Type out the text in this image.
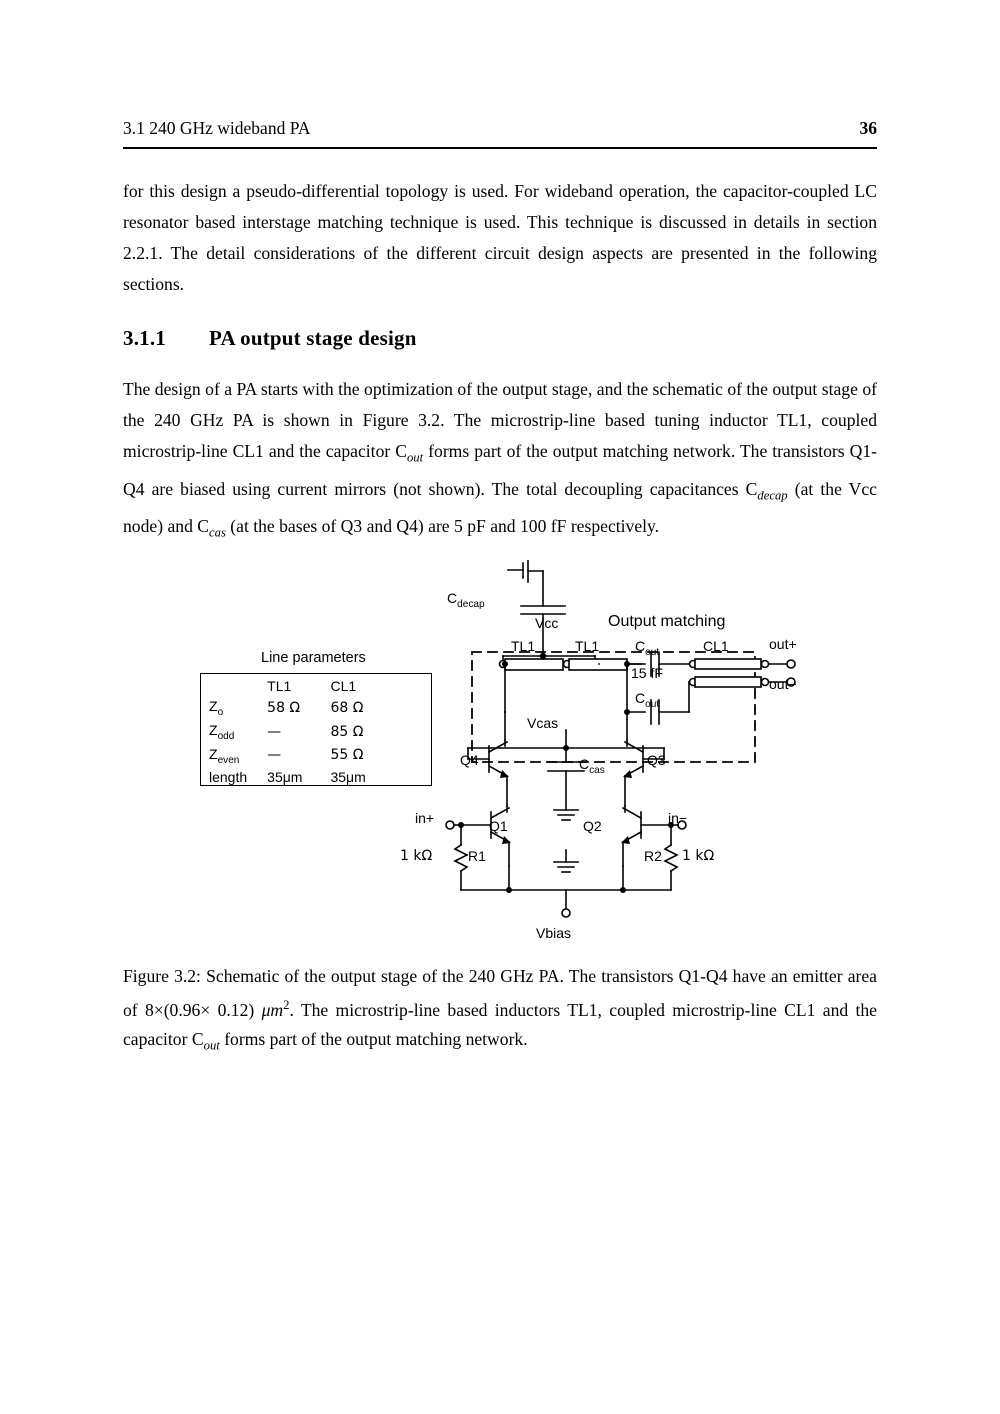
3.1 240 GHz wideband PA	36
for this design a pseudo-differential topology is used. For wideband operation, the capacitor-coupled LC resonator based interstage matching technique is used. This technique is discussed in details in section 2.2.1. The detail considerations of the different circuit design aspects are presented in the following sections.
3.1.1 PA output stage design
The design of a PA starts with the optimization of the output stage, and the schematic of the output stage of the 240 GHz PA is shown in Figure 3.2. The microstrip-line based tuning inductor TL1, coupled microstrip-line CL1 and the capacitor $C_{out}$ forms part of the output matching network. The transistors Q1-Q4 are biased using current mirrors (not shown). The total decoupling capacitances $C_{decap}$ (at the Vcc node) and $C_{cas}$ (at the bases of Q3 and Q4) are 5 pF and 100 fF respectively.
$C_{decap}$
Vcc	Output matching
TL1	TL1	$C_{out}$
$C_{out}$
15 fF
CL1	out+
out−
Vcas
$C_{cas}$
Q4	Q3
Q1	Q2
in+	in−
R1	R2
1 kΩ	1 kΩ
Vbias
Line parameters
	TL1	CL1
$Z_o$	58 Ω	68 Ω
$Z_{odd}$	—	85 Ω
$Z_{even}$	—	55 Ω
length	35μm	35μm
Figure 3.2: Schematic of the output stage of the 240 GHz PA. The transistors Q1-Q4 have an emitter area of 8×(0.96× 0.12) $\mu m^2$. The microstrip-line based inductors TL1, coupled microstrip-line CL1 and the capacitor $C_{out}$ forms part of the output matching network.
